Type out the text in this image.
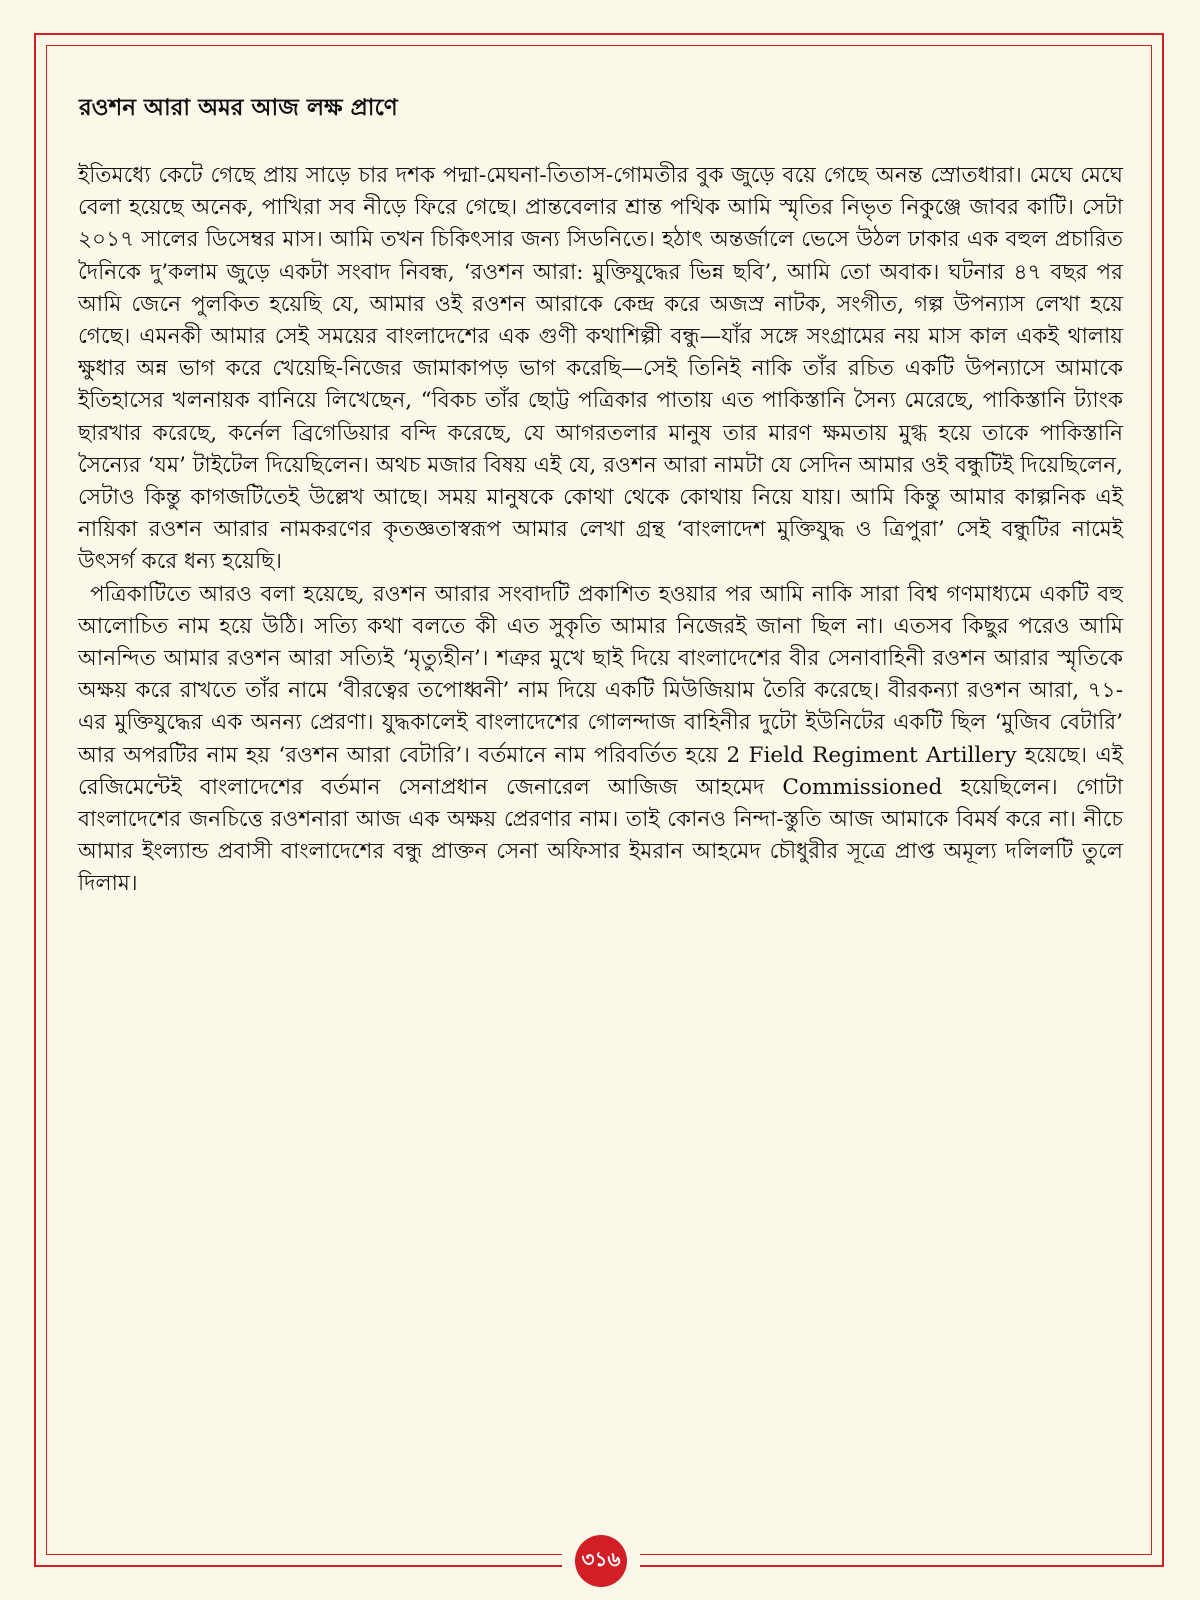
রওশন আরা অমর আজ লক্ষ প্রাণে

ইতিমধ্যে কেটে গেছে প্রায় সাড়ে চার দশক পদ্মা-মেঘনা-তিতাস-গোমতীর বুক জুড়ে বয়ে গেছে অনন্ত স্রোতধারা। মেঘে মেঘে বেলা হয়েছে অনেক, পাখিরা সব নীড়ে ফিরে গেছে। প্রান্তবেলার শ্রান্ত পথিক আমি স্মৃতির নিভৃত নিকুঞ্জে জাবর কাটি। সেটা ২০১৭ সালের ডিসেম্বর মাস। আমি তখন চিকিৎসার জন্য সিডনিতে। হঠাৎ অন্তর্জালে ভেসে উঠল ঢাকার এক বহুল প্রচারিত দৈনিকে দু’কলাম জুড়ে একটা সংবাদ নিবন্ধ, ‘রওশন আরা: মুক্তিযুদ্ধের ভিন্ন ছবি’, আমি তো অবাক। ঘটনার ৪৭ বছর পর আমি জেনে পুলকিত হয়েছি যে, আমার ওই রওশন আরাকে কেন্দ্র করে অজস্র নাটক, সংগীত, গল্প উপন্যাস লেখা হয়ে গেছে। এমনকী আমার সেই সময়ের বাংলাদেশের এক গুণী কথাশিল্পী বন্ধু—যাঁর সঙ্গে সংগ্রামের নয় মাস কাল একই থালায় ক্ষুধার অন্ন ভাগ করে খেয়েছি-নিজের জামাকাপড় ভাগ করেছি—সেই তিনিই নাকি তাঁর রচিত একটি উপন্যাসে আমাকে ইতিহাসের খলনায়ক বানিয়ে লিখেছেন, “বিকচ তাঁর ছোট্ট পত্রিকার পাতায় এত পাকিস্তানি সৈন্য মেরেছে, পাকিস্তানি ট্যাংক ছারখার করেছে, কর্নেল ব্রিগেডিয়ার বন্দি করেছে, যে আগরতলার মানুষ তার মারণ ক্ষমতায় মুগ্ধ হয়ে তাকে পাকিস্তানি সৈন্যের ‘যম’ টাইটেল দিয়েছিলেন। অথচ মজার বিষয় এই যে, রওশন আরা নামটা যে সেদিন আমার ওই বন্ধুটিই দিয়েছিলেন, সেটাও কিন্তু কাগজটিতেই উল্লেখ আছে। সময় মানুষকে কোথা থেকে কোথায় নিয়ে যায়। আমি কিন্তু আমার কাল্পনিক এই নায়িকা রওশন আরার নামকরণের কৃতজ্ঞতাস্বরূপ আমার লেখা গ্রন্থ ‘বাংলাদেশ মুক্তিযুদ্ধ ও ত্রিপুরা’ সেই বন্ধুটির নামেই উৎসর্গ করে ধন্য হয়েছি।

পত্রিকাটিতে আরও বলা হয়েছে, রওশন আরার সংবাদটি প্রকাশিত হওয়ার পর আমি নাকি সারা বিশ্ব গণমাধ্যমে একটি বহু আলোচিত নাম হয়ে উঠি। সত্যি কথা বলতে কী এত সুকৃতি আমার নিজেরই জানা ছিল না। এতসব কিছুর পরেও আমি আনন্দিত আমার রওশন আরা সত্যিই ‘মৃত্যুহীন’। শত্রুর মুখে ছাই দিয়ে বাংলাদেশের বীর সেনাবাহিনী রওশন আরার স্মৃতিকে অক্ষয় করে রাখতে তাঁর নামে ‘বীরত্বের তপোধ্বনী’ নাম দিয়ে একটি মিউজিয়াম তৈরি করেছে। বীরকন্যা রওশন আরা, ৭১-এর মুক্তিযুদ্ধের এক অনন্য প্রেরণা। যুদ্ধকালেই বাংলাদেশের গোলন্দাজ বাহিনীর দুটো ইউনিটের একটি ছিল ‘মুজিব বেটারি’ আর অপরটির নাম হয় ‘রওশন আরা বেটারি’। বর্তমানে নাম পরিবর্তিত হয়ে 2 Field Regiment Artillery হয়েছে। এই রেজিমেন্টেই বাংলাদেশের বর্তমান সেনাপ্রধান জেনারেল আজিজ আহমেদ Commissioned হয়েছিলেন। গোটা বাংলাদেশের জনচিত্তে রওশনারা আজ এক অক্ষয় প্রেরণার নাম। তাই কোনও নিন্দা-স্তুতি আজ আমাকে বিমর্ষ করে না। নীচে আমার ইংল্যান্ড প্রবাসী বাংলাদেশের বন্ধু প্রাক্তন সেনা অফিসার ইমরান আহমেদ চৌধুরীর সূত্রে প্রাপ্ত অমূল্য দলিলটি তুলে দিলাম।

৩১৬
